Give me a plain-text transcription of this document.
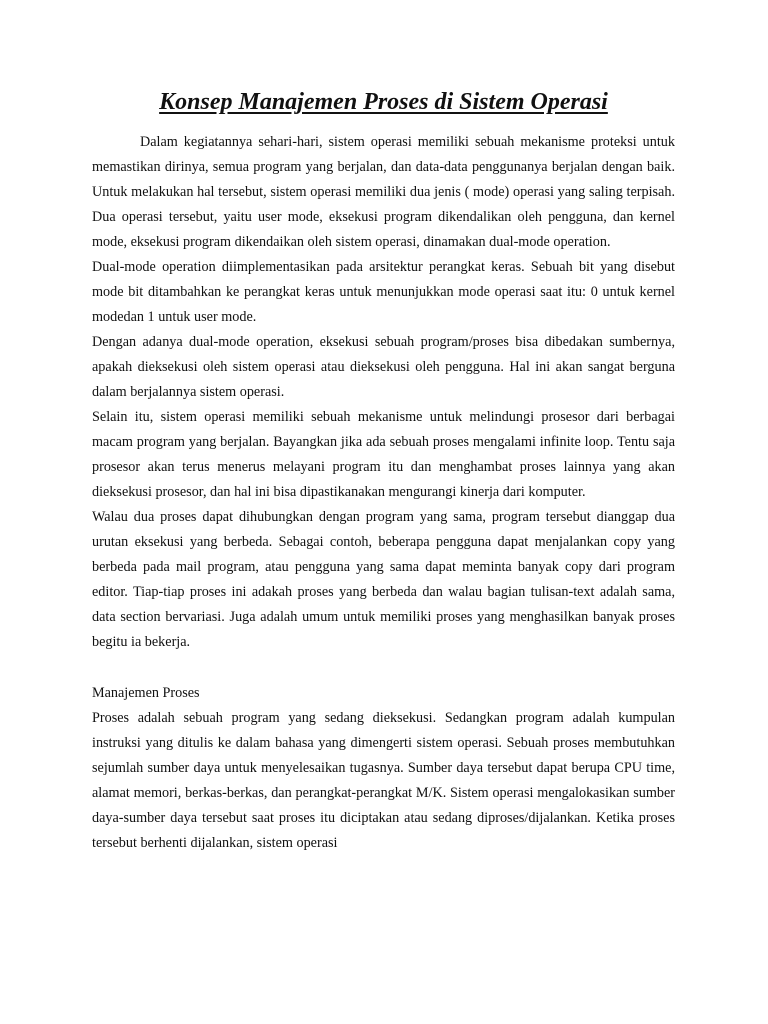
Konsep Manajemen Proses di Sistem Operasi

Dalam kegiatannya sehari-hari, sistem operasi memiliki sebuah mekanisme proteksi untuk memastikan dirinya, semua program yang berjalan, dan data-data penggunanya berjalan dengan baik. Untuk melakukan hal tersebut, sistem operasi memiliki dua jenis ( mode) operasi yang saling terpisah. Dua operasi tersebut, yaitu user mode, eksekusi program dikendalikan oleh pengguna, dan kernel mode, eksekusi program dikendaikan oleh sistem operasi, dinamakan dual-mode operation.

Dual-mode operation diimplementasikan pada arsitektur perangkat keras. Sebuah bit yang disebut mode bit ditambahkan ke perangkat keras untuk menunjukkan mode operasi saat itu: 0 untuk kernel modedan 1 untuk user mode.

Dengan adanya dual-mode operation, eksekusi sebuah program/proses bisa dibedakan sumbernya, apakah dieksekusi oleh sistem operasi atau dieksekusi oleh pengguna. Hal ini akan sangat berguna dalam berjalannya sistem operasi.

Selain itu, sistem operasi memiliki sebuah mekanisme untuk melindungi prosesor dari berbagai macam program yang berjalan. Bayangkan jika ada sebuah proses mengalami infinite loop. Tentu saja prosesor akan terus menerus melayani program itu dan menghambat proses lainnya yang akan dieksekusi prosesor, dan hal ini bisa dipastikanakan mengurangi kinerja dari komputer.

Walau dua proses dapat dihubungkan dengan program yang sama, program tersebut dianggap dua urutan eksekusi yang berbeda. Sebagai contoh, beberapa pengguna dapat menjalankan copy yang berbeda pada mail program, atau pengguna yang sama dapat meminta banyak copy dari program editor. Tiap-tiap proses ini adakah proses yang berbeda dan walau bagian tulisan-text adalah sama, data section bervariasi. Juga adalah umum untuk memiliki proses yang menghasilkan banyak proses begitu ia bekerja.

Manajemen Proses

Proses adalah sebuah program yang sedang dieksekusi. Sedangkan program adalah kumpulan instruksi yang ditulis ke dalam bahasa yang dimengerti sistem operasi. Sebuah proses membutuhkan sejumlah sumber daya untuk menyelesaikan tugasnya. Sumber daya tersebut dapat berupa CPU time, alamat memori, berkas-berkas, dan perangkat-perangkat M/K. Sistem operasi mengalokasikan sumber daya-sumber daya tersebut saat proses itu diciptakan atau sedang diproses/dijalankan. Ketika proses tersebut berhenti dijalankan, sistem operasi
